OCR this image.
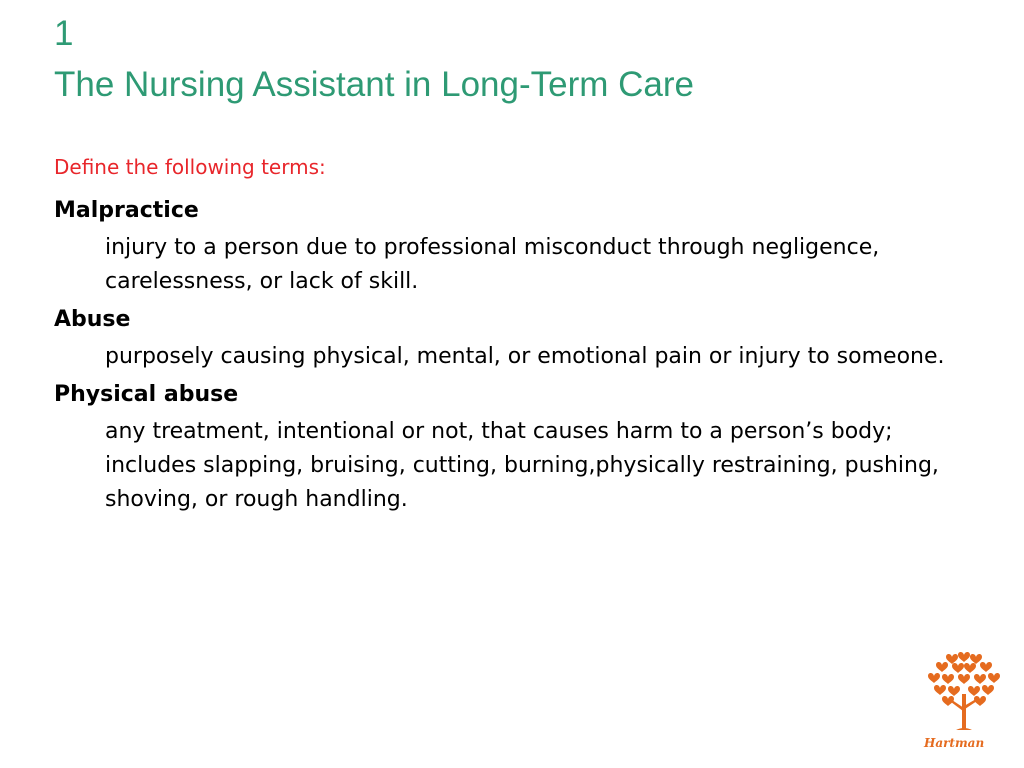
1
The Nursing Assistant in Long-Term Care
Define the following terms:
Malpractice
injury to a person due to professional misconduct through negligence, carelessness, or lack of skill.
Abuse
purposely causing physical, mental, or emotional pain or injury to someone.
Physical abuse
any treatment, intentional or not, that causes harm to a person’s body; includes slapping, bruising, cutting, burning,physically restraining, pushing, shoving, or rough handling.
Hartman
